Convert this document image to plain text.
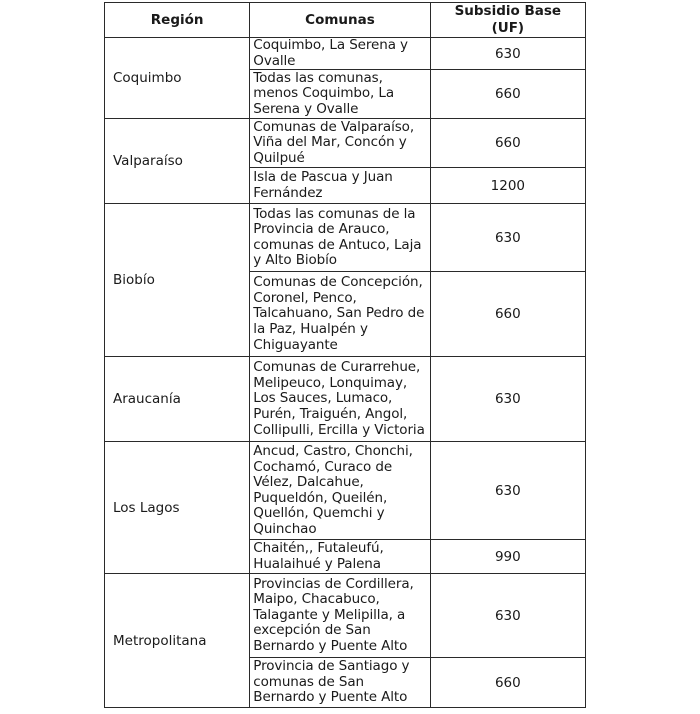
Región	Comunas	Subsidio Base
(UF)
Coquimbo	Coquimbo, La Serena y Ovalle	630
	Todas las comunas, menos Coquimbo, La Serena y Ovalle	660
Valparaíso	Comunas de Valparaíso, Viña del Mar, Concón y Quilpué	660
	Isla de Pascua y Juan Fernández	1200
Biobío	Todas las comunas de la Provincia de Arauco, comunas de Antuco, Laja y Alto Biobío	630
	Comunas de Concepción, Coronel, Penco, Talcahuano, San Pedro de la Paz, Hualpén y Chiguayante	660
Araucanía	Comunas de Curarrehue, Melipeuco, Lonquimay, Los Sauces, Lumaco, Purén, Traiguén, Angol, Collipulli, Ercilla y Victoria	630
Los Lagos	Ancud, Castro, Chonchi, Cochamó, Curaco de Vélez, Dalcahue, Puqueldón, Queilén, Quellón, Quemchi y Quinchao	630
	Chaitén,, Futaleufú, Hualaihué y Palena	990
Metropolitana	Provincias de Cordillera, Maipo, Chacabuco, Talagante y Melipilla, a excepción de San Bernardo y Puente Alto	630
	Provincia de Santiago y comunas de San Bernardo y Puente Alto	660
